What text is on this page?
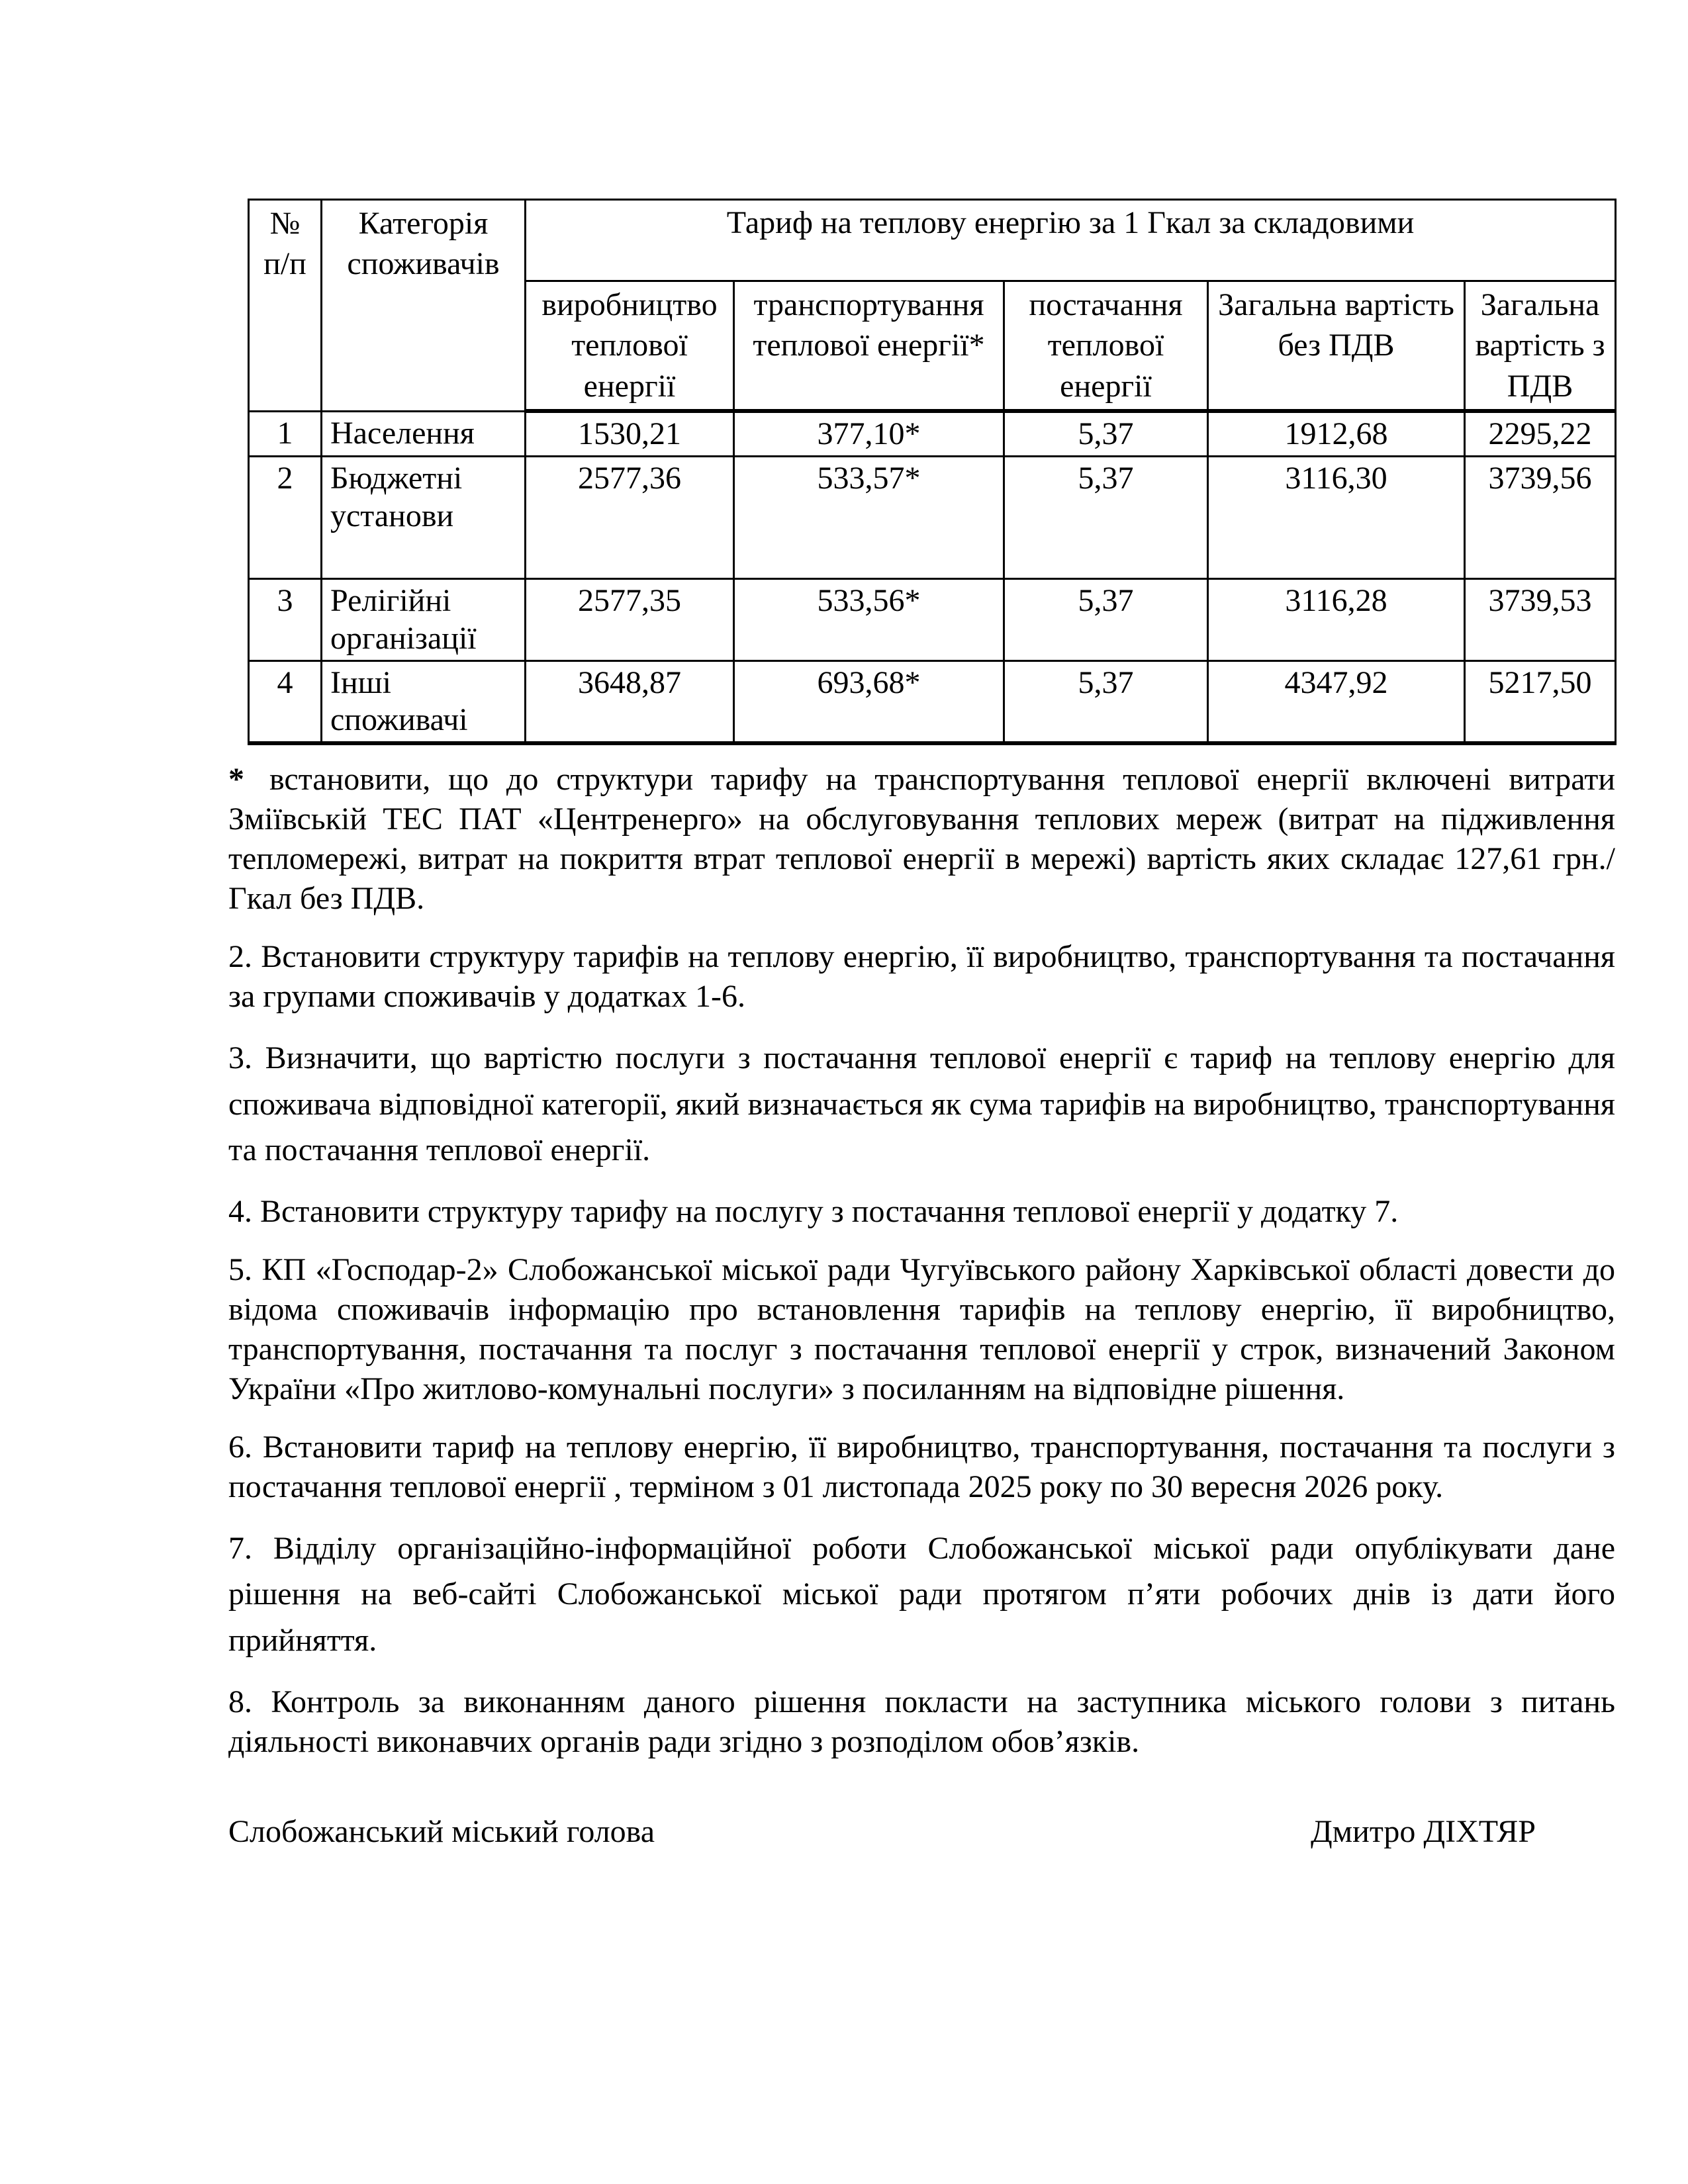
№ п/п	Категорія споживачів	Тариф на теплову енергію за 1 Гкал за складовими				
		виробництво теплової енергії	транспортування теплової енергії*	постачання теплової енергії	Загальна вартість без ПДВ	Загальна вартість з ПДВ
1	Населення	1530,21	377,10*	5,37	1912,68	2295,22
2	Бюджетні установи	2577,36	533,57*	5,37	3116,30	3739,56
3	Релігійні організації	2577,35	533,56*	5,37	3116,28	3739,53
4	Інші споживачі	3648,87	693,68*	5,37	4347,92	5217,50

* встановити, що до структури тарифу на транспортування теплової енергії включені витрати Зміївській ТЕС ПАТ «Центренерго» на обслуговування теплових мереж (витрат на підживлення тепломережі, витрат на покриття втрат теплової енергії в мережі) вартість яких складає 127,61 грн./Гкал без ПДВ.

2. Встановити структуру тарифів на теплову енергію, її виробництво, транспортування та постачання за групами споживачів у додатках 1-6.

3. Визначити, що вартістю послуги з постачання теплової енергії є тариф на теплову енергію для споживача відповідної категорії, який визначається як сума тарифів на виробництво, транспортування та постачання теплової енергії.

4. Встановити структуру тарифу на послугу з постачання теплової енергії у додатку 7.

5. КП «Господар-2» Слобожанської міської ради Чугуївського району Харківської області довести до відома споживачів інформацію про встановлення тарифів на теплову енергію, її виробництво, транспортування, постачання та послуг з постачання теплової енергії у строк, визначений Законом України «Про житлово-комунальні послуги» з посиланням на відповідне рішення.

6. Встановити тариф на теплову енергію, її виробництво, транспортування, постачання та послуги з постачання теплової енергії , терміном з 01 листопада 2025 року по 30 вересня 2026 року.

7. Відділу організаційно-інформаційної роботи Слобожанської міської ради опублікувати дане рішення на веб-сайті Слобожанської міської ради протягом п’яти робочих днів із дати його прийняття.

8. Контроль за виконанням даного рішення покласти на заступника міського голови з питань діяльності виконавчих органів ради згідно з розподілом обов’язків.

Слобожанський міський голова	Дмитро ДІХТЯР
